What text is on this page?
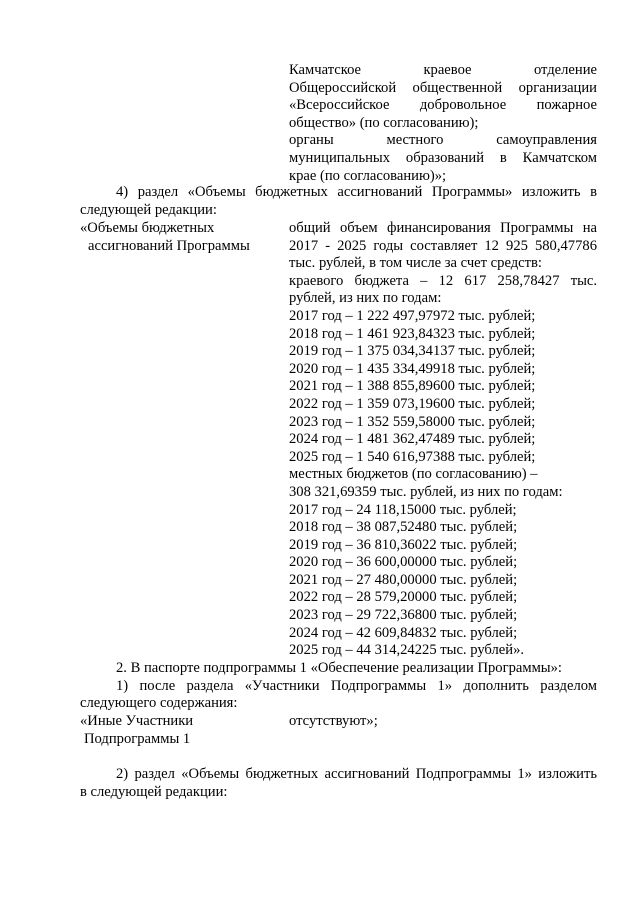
Камчатское краевое отделение
Общероссийской общественной организации
«Всероссийское добровольное пожарное
общество» (по согласованию);
органы местного самоуправления
муниципальных образований в Камчатском
крае (по согласованию)»;
4) раздел «Объемы бюджетных ассигнований Программы» изложить в
следующей редакции:
«Объемы бюджетных
ассигнований Программы
общий объем финансирования Программы на
2017 - 2025 годы составляет 12 925 580,47786
тыс. рублей, в том числе за счет средств:
краевого бюджета – 12 617 258,78427 тыс.
рублей, из них по годам:
2017 год – 1 222 497,97972 тыс. рублей;
2018 год – 1 461 923,84323 тыс. рублей;
2019 год – 1 375 034,34137 тыс. рублей;
2020 год – 1 435 334,49918 тыс. рублей;
2021 год – 1 388 855,89600 тыс. рублей;
2022 год – 1 359 073,19600 тыс. рублей;
2023 год – 1 352 559,58000 тыс. рублей;
2024 год – 1 481 362,47489 тыс. рублей;
2025 год – 1 540 616,97388 тыс. рублей;
местных бюджетов (по согласованию) –
308 321,69359 тыс. рублей, из них по годам:
2017 год – 24 118,15000 тыс. рублей;
2018 год – 38 087,52480 тыс. рублей;
2019 год – 36 810,36022 тыс. рублей;
2020 год – 36 600,00000 тыс. рублей;
2021 год – 27 480,00000 тыс. рублей;
2022 год – 28 579,20000 тыс. рублей;
2023 год – 29 722,36800 тыс. рублей;
2024 год – 42 609,84832 тыс. рублей;
2025 год – 44 314,24225 тыс. рублей».
2. В паспорте подпрограммы 1 «Обеспечение реализации Программы»:
1) после раздела «Участники Подпрограммы 1» дополнить разделом
следующего содержания:
«Иные Участники
Подпрограммы 1
отсутствуют»;
2) раздел «Объемы бюджетных ассигнований Подпрограммы 1» изложить
в следующей редакции:
